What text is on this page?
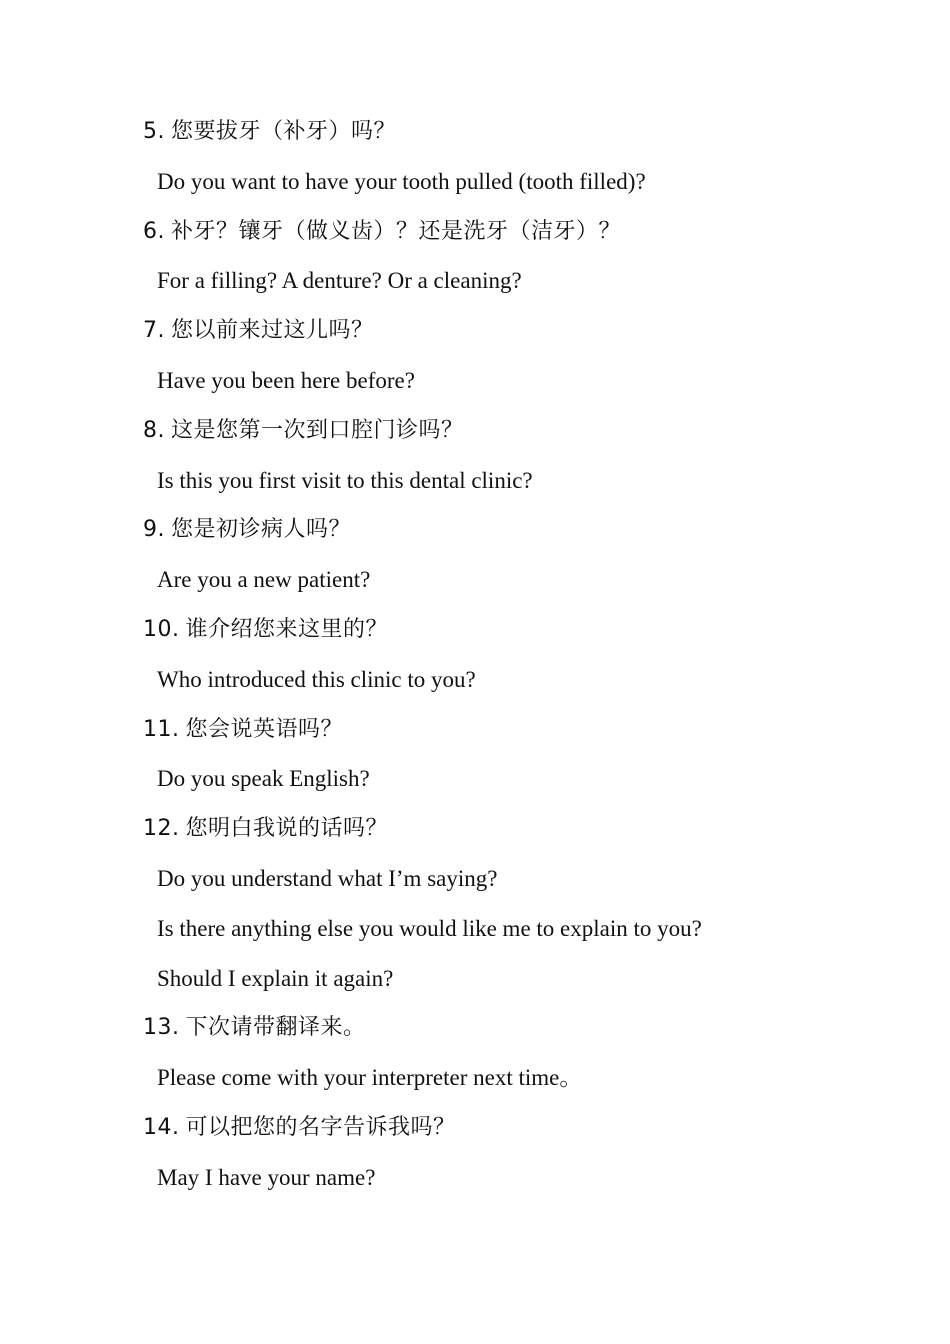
5. 您要拔牙（补牙）吗？
Do you want to have your tooth pulled (tooth filled)?
6. 补牙？镶牙（做义齿）？还是洗牙（洁牙）？
For a filling? A denture? Or a cleaning?
7. 您以前来过这儿吗？
Have you been here before?
8. 这是您第一次到口腔门诊吗？
Is this you first visit to this dental clinic?
9. 您是初诊病人吗？
Are you a new patient?
10. 谁介绍您来这里的？
Who introduced this clinic to you?
11. 您会说英语吗？
Do you speak English?
12. 您明白我说的话吗？
Do you understand what I’m saying?
Is there anything else you would like me to explain to you?
Should I explain it again?
13. 下次请带翻译来。
Please come with your interpreter next time。
14. 可以把您的名字告诉我吗？
May I have your name?
